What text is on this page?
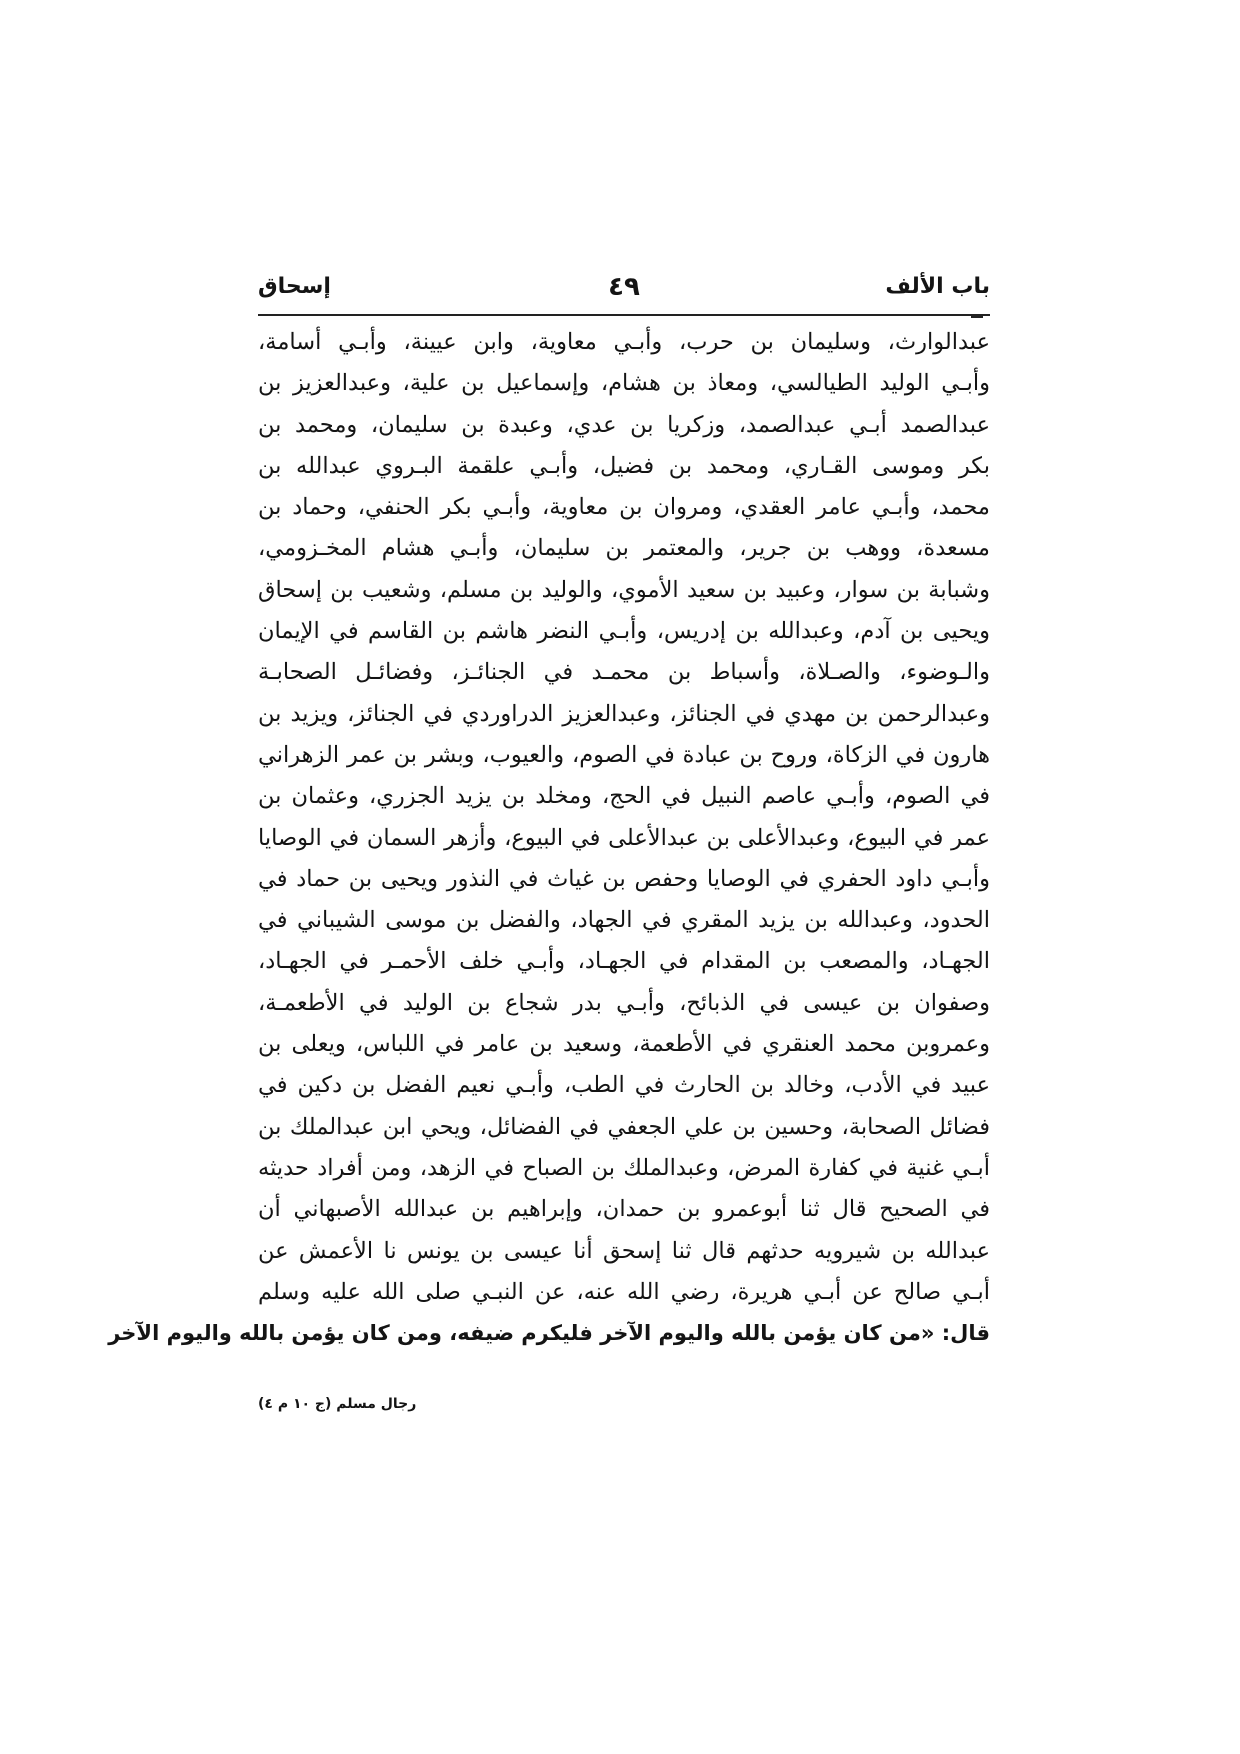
باب الألف
٤٩
إسحاق
عبدالوارث، وسليمان بن حرب، وأبـي معاوية، وابن عيينة، وأبـي أسامة،
وأبـي الوليد الطيالسي، ومعاذ بن هشام، وإسماعيل بن علية، وعبدالعزيز بن
عبدالصمد أبـي عبدالصمد، وزكريا بن عدي، وعبدة بن سليمان، ومحمد بن
بكر وموسى القـاري، ومحمد بن فضيل، وأبـي علقمة البـروي عبدالله بن
محمد، وأبـي عامر العقدي، ومروان بن معاوية، وأبـي بكر الحنفي، وحماد بن
مسعدة، ووهب بن جرير، والمعتمر بن سليمان، وأبـي هشام المخـزومي،
وشبابة بن سوار، وعبيد بن سعيد الأموي، والوليد بن مسلم، وشعيب بن إسحاق
ويحيى بن آدم، وعبدالله بن إدريس، وأبـي النضر هاشم بن القاسم في الإيمان
والـوضوء، والصـلاة، وأسباط بن محمـد في الجنائـز، وفضائـل الصحابـة
وعبدالرحمن بن مهدي في الجنائز، وعبدالعزيز الدراوردي في الجنائز، ويزيد بن
هارون في الزكاة، وروح بن عبادة في الصوم، والعيوب، وبشر بن عمر الزهراني
في الصوم، وأبـي عاصم النبيل في الحج، ومخلد بن يزيد الجزري، وعثمان بن
عمر في البيوع، وعبدالأعلى بن عبدالأعلى في البيوع، وأزهر السمان في الوصايا
وأبـي داود الحفري في الوصايا وحفص بن غياث في النذور ويحيى بن حماد في
الحدود، وعبدالله بن يزيد المقري في الجهاد، والفضل بن موسى الشيباني في
الجهـاد، والمصعب بن المقدام في الجهـاد، وأبـي خلف الأحمـر في الجهـاد،
وصفوان بن عيسى في الذبائح، وأبـي بدر شجاع بن الوليد في الأطعمـة،
وعمروبن محمد العنقري في الأطعمة، وسعيد بن عامر في اللباس، ويعلى بن
عبيد في الأدب، وخالد بن الحارث في الطب، وأبـي نعيم الفضل بن دكين في
فضائل الصحابة، وحسين بن علي الجعفي في الفضائل، ويحي ابن عبدالملك بن
أبـي غنية في كفارة المرض، وعبدالملك بن الصباح في الزهد، ومن أفراد حديثه
في الصحيح قال ثنا أبوعمرو بن حمدان، وإبراهيم بن عبدالله الأصبهاني أن
عبدالله بن شيرويه حدثهم قال ثنا إسحق أنا عيسى بن يونس نا الأعمش عن
أبـي صالح عن أبـي هريرة، رضي الله عنه، عن النبـي صلى الله عليه وسلم
قال: «من كان يؤمن بالله واليوم الآخر فليكرم ضيفه، ومن كان يؤمن بالله واليوم الآخر
رجال مسلم (ج ١٠ م ٤)
